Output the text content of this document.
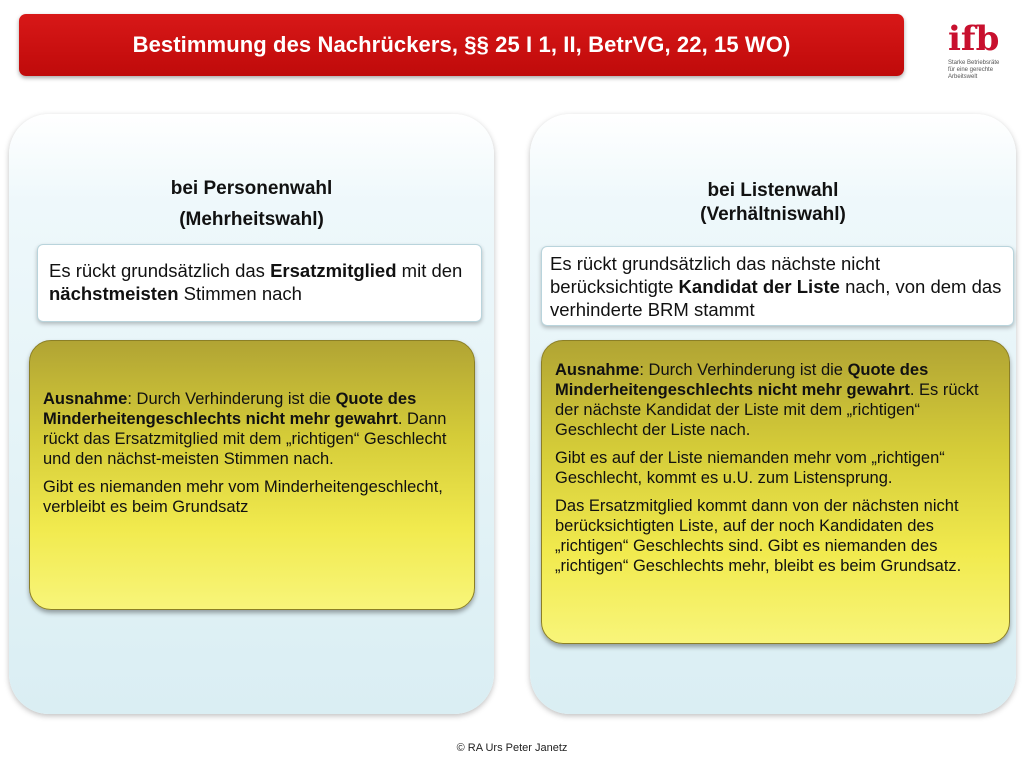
Bestimmung des Nachrückers, §§ 25 I 1, II, BetrVG, 22, 15 WO)	i f b
Starke Betriebsräte
für eine gerechte
Arbeitswelt
bei Personenwahl
(Mehrheitswahl)

Es rückt grundsätzlich das Ersatzmitglied mit den nächstmeisten Stimmen nach

Ausnahme: Durch Verhinderung ist die Quote des Minderheitengeschlechts nicht mehr gewahrt. Dann rückt das Ersatzmitglied mit dem „richtigen“ Geschlecht und den nächst-meisten Stimmen nach.

Gibt es niemanden mehr vom Minderheitengeschlecht, verbleibt es beim Grundsatz

bei Listenwahl
(Verhältniswahl)

Es rückt grundsätzlich das nächste nicht berücksichtigte Kandidat der Liste nach, von dem das verhinderte BRM stammt

Ausnahme: Durch Verhinderung ist die Quote des Minderheitengeschlechts nicht mehr gewahrt. Es rückt der nächste Kandidat der Liste mit dem „richtigen“ Geschlecht der Liste nach.

Gibt es auf der Liste niemanden mehr vom „richtigen“ Geschlecht, kommt es u.U. zum Listensprung.

Das Ersatzmitglied kommt dann von der nächsten nicht berücksichtigten Liste, auf der noch Kandidaten des „richtigen“ Geschlechts sind. Gibt es niemanden des „richtigen“ Geschlechts mehr, bleibt es beim Grundsatz.

© RA Urs Peter Janetz
